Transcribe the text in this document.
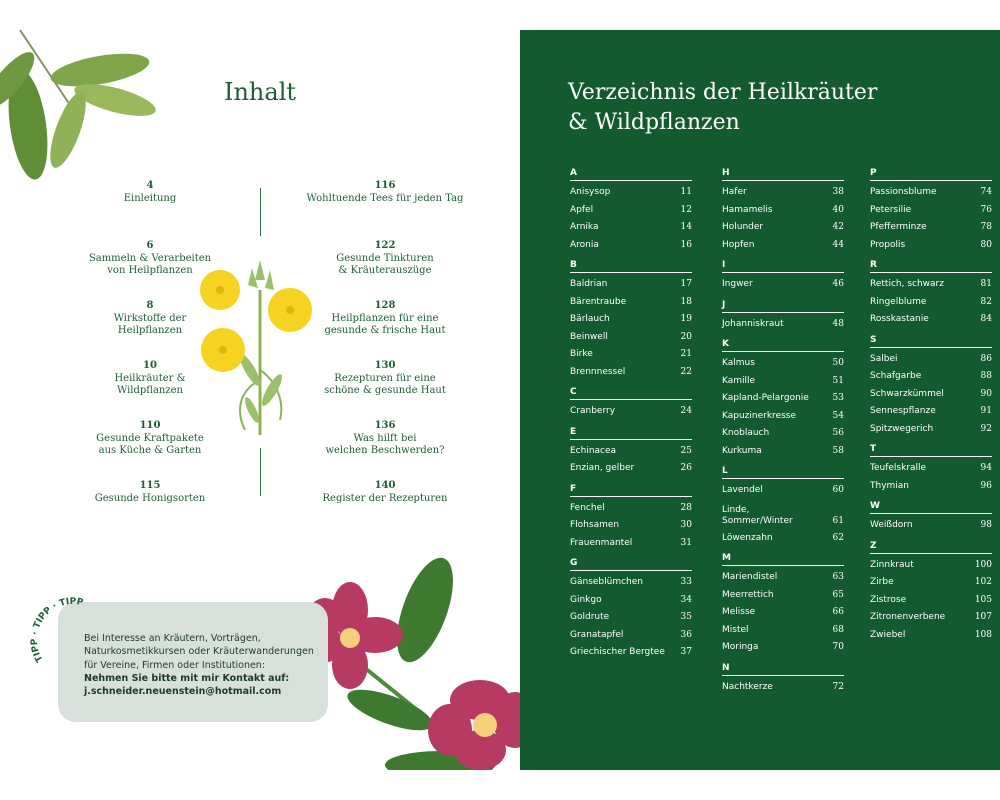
Inhalt
4
Einleitung
6
Sammeln & Verarbeiten
von Heilpflanzen
8
Wirkstoffe der
Heilpflanzen
10
Heilkräuter &
Wildpflanzen
110
Gesunde Kraftpakete
aus Küche & Garten
115
Gesunde Honigsorten
116
Wohltuende Tees für jeden Tag
122
Gesunde Tinkturen
& Kräuterauszüge
128
Heilpflanzen für eine
gesunde & frische Haut
130
Rezepturen für eine
schöne & gesunde Haut
136
Was hilft bei
welchen Beschwerden?
140
Register der Rezepturen
TIPP · TIPP · TIPP
Bei Interesse an Kräutern, Vorträgen, Naturkosmetikkursen oder Kräuterwanderungen für Vereine, Firmen oder Institutionen:
Nehmen Sie bitte mit mir Kontakt auf:
j.schneider.neuenstein@hotmail.com
Verzeichnis der Heilkräuter
& Wildpflanzen
A
Anisysop	11
Apfel	12
Arnika	14
Aronia	16
B
Baldrian	17
Bärentraube	18
Bärlauch	19
Beinwell	20
Birke	21
Brennnessel	22
C
Cranberry	24
E
Echinacea	25
Enzian, gelber	26
F
Fenchel	28
Flohsamen	30
Frauenmantel	31
G
Gänseblümchen	33
Ginkgo	34
Goldrute	35
Granatapfel	36
Griechischer Bergtee 37
H
Hafer	38
Hamamelis	40
Holunder	42
Hopfen	44
I
Ingwer	46
J
Johanniskraut	48
K
Kalmus	50
Kamille	51
Kapland-Pelargonie	53
Kapuzinerkresse	54
Knoblauch	56
Kurkuma	58
L
Lavendel	60
Linde,
Sommer/Winter	61
Löwenzahn	62
M
Mariendistel	63
Meerrettich	65
Melisse	66
Mistel	68
Moringa	70
N
Nachtkerze	72
P
Passionsblume	74
Petersilie	76
Pfefferminze	78
Propolis	80
R
Rettich, schwarz	81
Ringelblume	82
Rosskastanie	84
S
Salbei	86
Schafgarbe	88
Schwarzkümmel	90
Sennespflanze	91
Spitzwegerich	92
T
Teufelskralle	94
Thymian	96
W
Weißdorn	98
Z
Zinnkraut	100
Zirbe	102
Zistrose	105
Zitronenverbene	107
Zwiebel	108
